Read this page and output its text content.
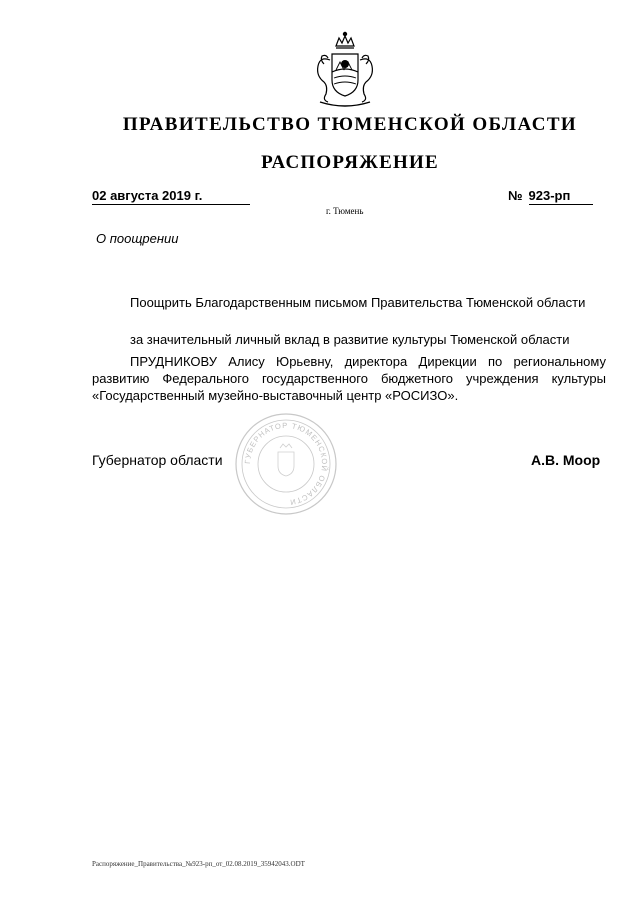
ПРАВИТЕЛЬСТВО ТЮМЕНСКОЙ ОБЛАСТИ
РАСПОРЯЖЕНИЕ
02 августа 2019 г.	№ 923-рп
г. Тюмень
О поощрении
Поощрить Благодарственным письмом Правительства Тюменской области
за значительный личный вклад в развитие культуры Тюменской области
ПРУДНИКОВУ Алису Юрьевну, директора Дирекции по региональному развитию Федерального государственного бюджетного учреждения культуры «Государственный музейно-выставочный центр «РОСИЗО».
ГУБЕРНАТОР ТЮМЕНСКОЙ ОБЛАСТИ
Губернатор области	А.В. Моор
Распоряжение_Правительства_№923-рп_от_02.08.2019_35942043.ODT
